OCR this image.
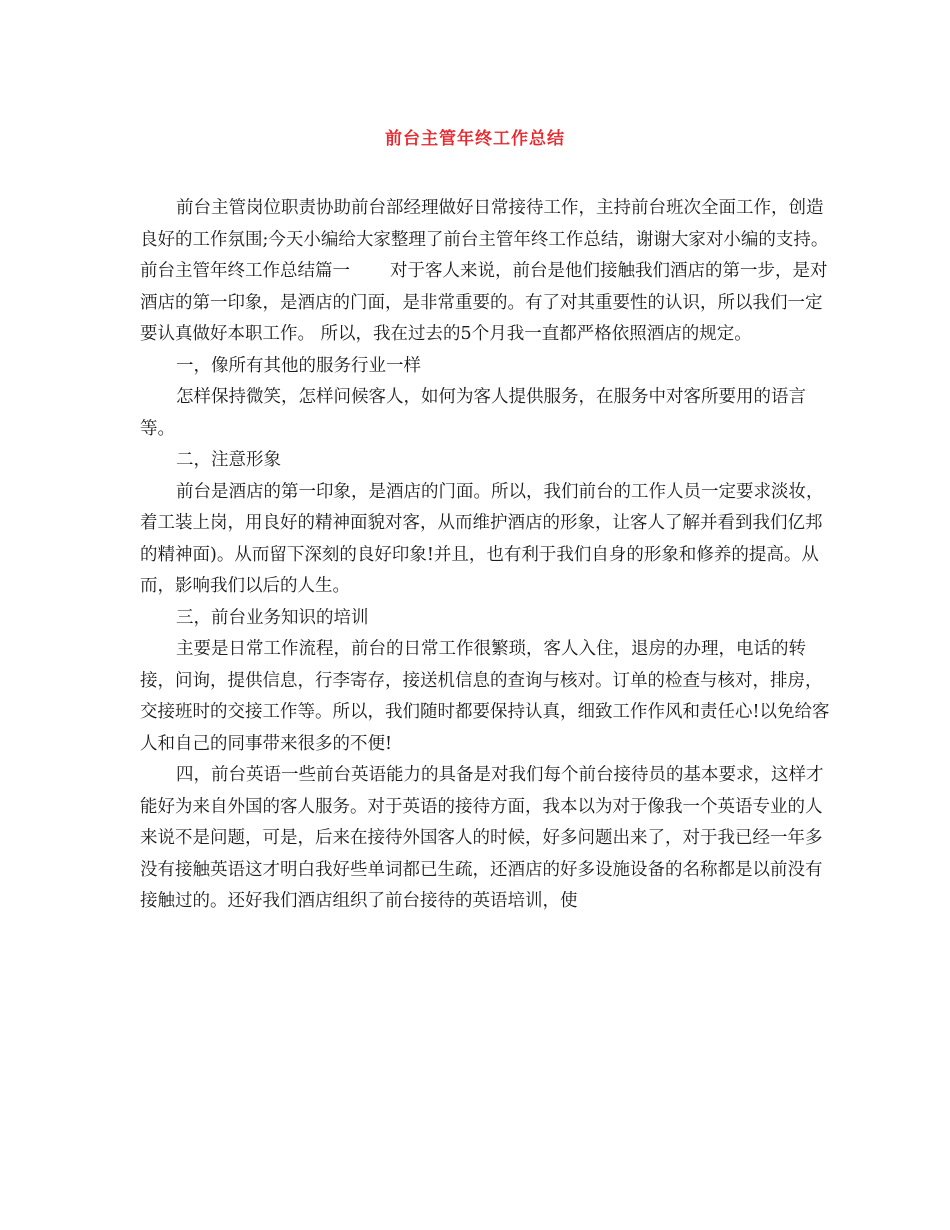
前台主管年终工作总结

前台主管岗位职责协助前台部经理做好日常接待工作，主持前台班次全面工作，创造良好的工作氛围;今天小编给大家整理了前台主管年终工作总结，谢谢大家对小编的支持。

前台主管年终工作总结篇一 对于客人来说，前台是他们接触我们酒店的第一步，是对酒店的第一印象，是酒店的门面，是非常重要的。有了对其重要性的认识，所以我们一定要认真做好本职工作。 所以，我在过去的5个月我一直都严格依照酒店的规定。

一，像所有其他的服务行业一样

怎样保持微笑，怎样问候客人，如何为客人提供服务，在服务中对客所要用的语言等。

二，注意形象

前台是酒店的第一印象，是酒店的门面。所以，我们前台的工作人员一定要求淡妆，着工装上岗，用良好的精神面貌对客，从而维护酒店的形象，让客人了解并看到我们亿邦的精神面)。从而留下深刻的良好印象!并且，也有利于我们自身的形象和修养的提高。从而，影响我们以后的人生。

三，前台业务知识的培训

主要是日常工作流程，前台的日常工作很繁琐，客人入住，退房的办理，电话的转接，问询，提供信息，行李寄存，接送机信息的查询与核对。订单的检查与核对，排房，交接班时的交接工作等。所以，我们随时都要保持认真，细致工作作风和责任心!以免给客人和自己的同事带来很多的不便!

四，前台英语一些前台英语能力的具备是对我们每个前台接待员的基本要求，这样才能好为来自外国的客人服务。对于英语的接待方面，我本以为对于像我一个英语专业的人来说不是问题，可是，后来在接待外国客人的时候，好多问题出来了，对于我已经一年多没有接触英语这才明白我好些单词都已生疏，还酒店的好多设施设备的名称都是以前没有接触过的。还好我们酒店组织了前台接待的英语培训，使
